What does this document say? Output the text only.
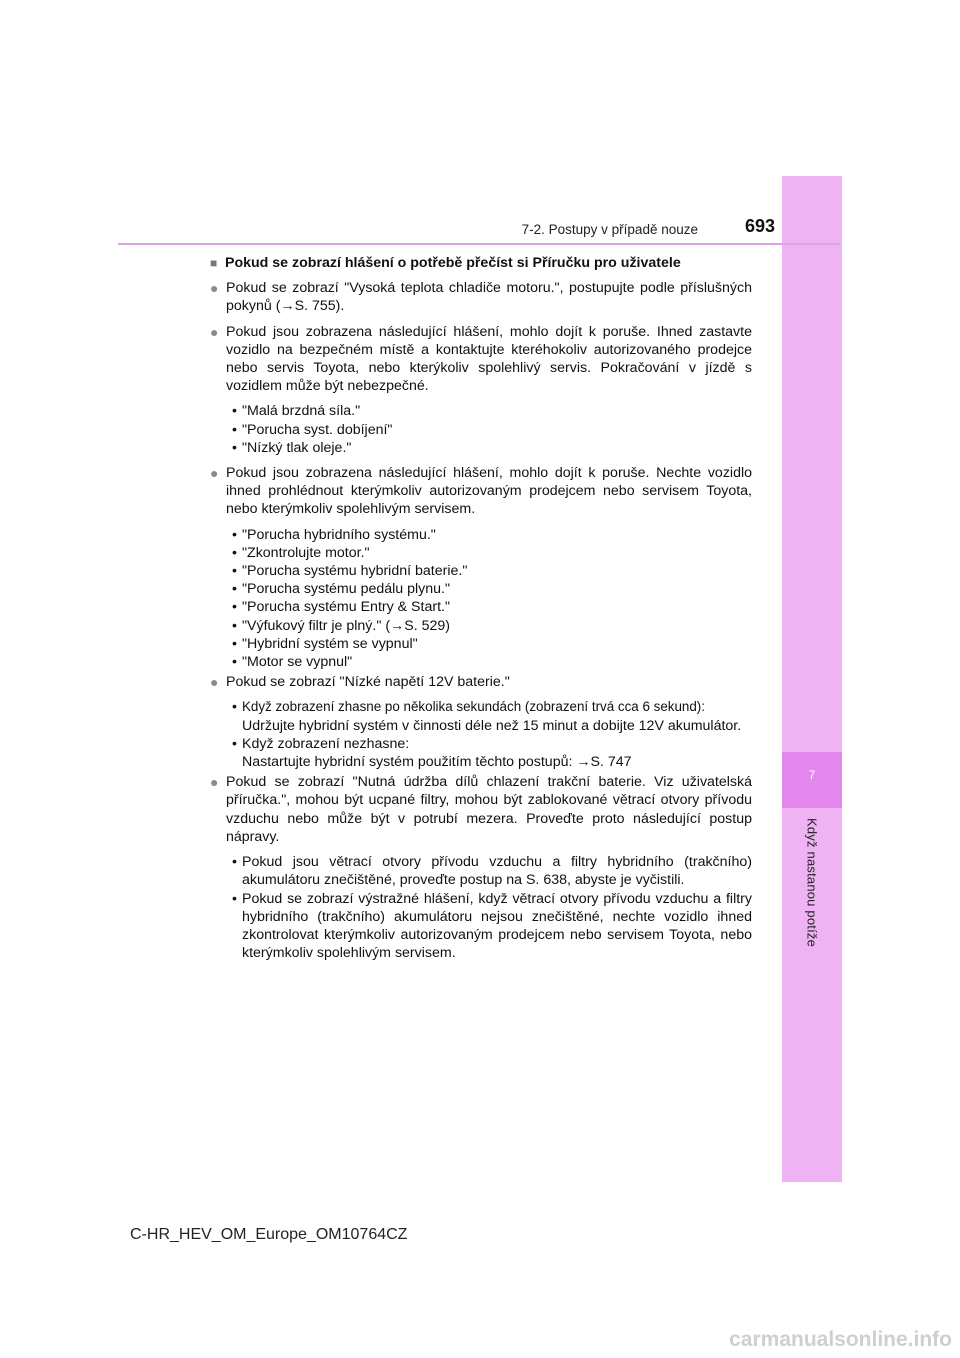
7
Když nastanou potíže
7-2. Postupy v případě nouze	693
■ Pokud se zobrazí hlášení o potřebě přečíst si Příručku pro uživatele
● Pokud se zobrazí "Vysoká teplota chladiče motoru.", postupujte podle příslušných pokynů (→S. 755).
● Pokud jsou zobrazena následující hlášení, mohlo dojít k poruše. Ihned zastavte vozidlo na bezpečném místě a kontaktujte kteréhokoliv autorizovaného prodejce nebo servis Toyota, nebo kterýkoliv spolehlivý servis. Pokračování v jízdě s vozidlem může být nebezpečné.
• "Malá brzdná síla."
• "Porucha syst. dobíjení"
• "Nízký tlak oleje."
● Pokud jsou zobrazena následující hlášení, mohlo dojít k poruše. Nechte vozidlo ihned prohlédnout kterýmkoliv autorizovaným prodejcem nebo servisem Toyota, nebo kterýmkoliv spolehlivým servisem.
• "Porucha hybridního systému."
• "Zkontrolujte motor."
• "Porucha systému hybridní baterie."
• "Porucha systému pedálu plynu."
• "Porucha systému Entry & Start."
• "Výfukový filtr je plný." (→S. 529)
• "Hybridní systém se vypnul"
• "Motor se vypnul"
● Pokud se zobrazí "Nízké napětí 12V baterie."
• Když zobrazení zhasne po několika sekundách (zobrazení trvá cca 6 sekund):
Udržujte hybridní systém v činnosti déle než 15 minut a dobijte 12V akumulátor.
• Když zobrazení nezhasne:
Nastartujte hybridní systém použitím těchto postupů: →S. 747
● Pokud se zobrazí "Nutná údržba dílů chlazení trakční baterie. Viz uživatelská příručka.", mohou být ucpané filtry, mohou být zablokované větrací otvory přívodu vzduchu nebo může být v potrubí mezera. Proveďte proto následující postup nápravy.
• Pokud jsou větrací otvory přívodu vzduchu a filtry hybridního (trakčního) akumulátoru znečištěné, proveďte postup na S. 638, abyste je vyčistili.
• Pokud se zobrazí výstražné hlášení, když větrací otvory přívodu vzduchu a filtry hybridního (trakčního) akumulátoru nejsou znečištěné, nechte vozidlo ihned zkontrolovat kterýmkoliv autorizovaným prodejcem nebo servisem Toyota, nebo kterýmkoliv spolehlivým servisem.
C-HR_HEV_OM_Europe_OM10764CZ
carmanualsonline.info
